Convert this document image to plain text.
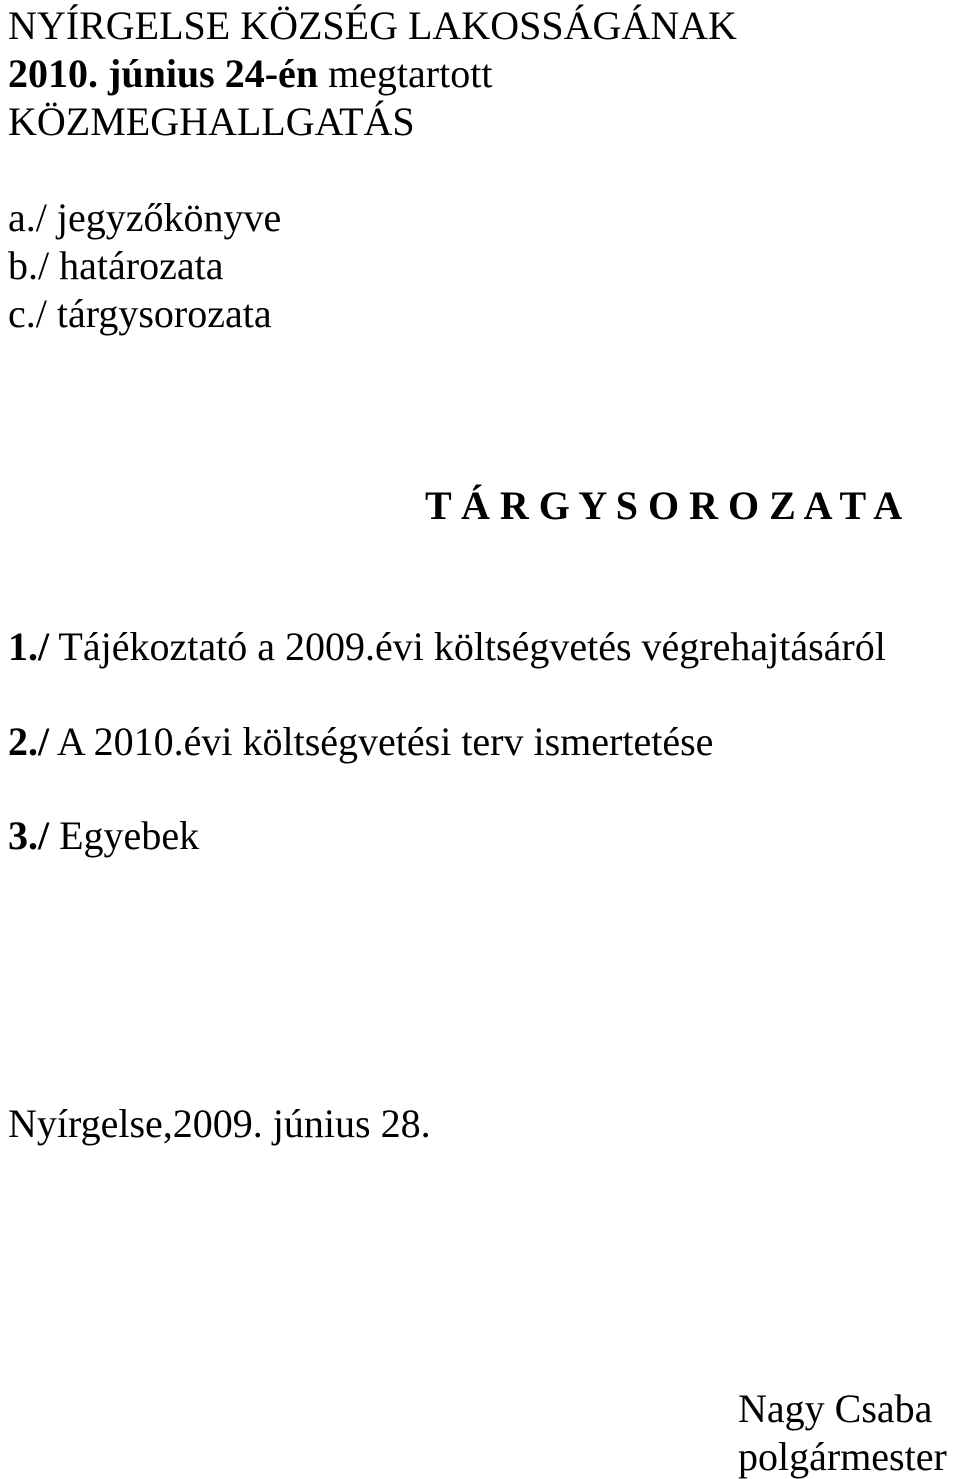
NYÍRGELSE KÖZSÉG LAKOSSÁGÁNAK
2010. június 24-én megtartott
KÖZMEGHALLGATÁS
a./ jegyzőkönyve
b./ határozata
c./ tárgysorozata
T Á R G Y S O R O Z A T A
1./ Tájékoztató a 2009.évi költségvetés végrehajtásáról
2./ A 2010.évi költségvetési terv ismertetése
3./ Egyebek
Nyírgelse,2009. június 28.
Nagy Csaba
polgármester
